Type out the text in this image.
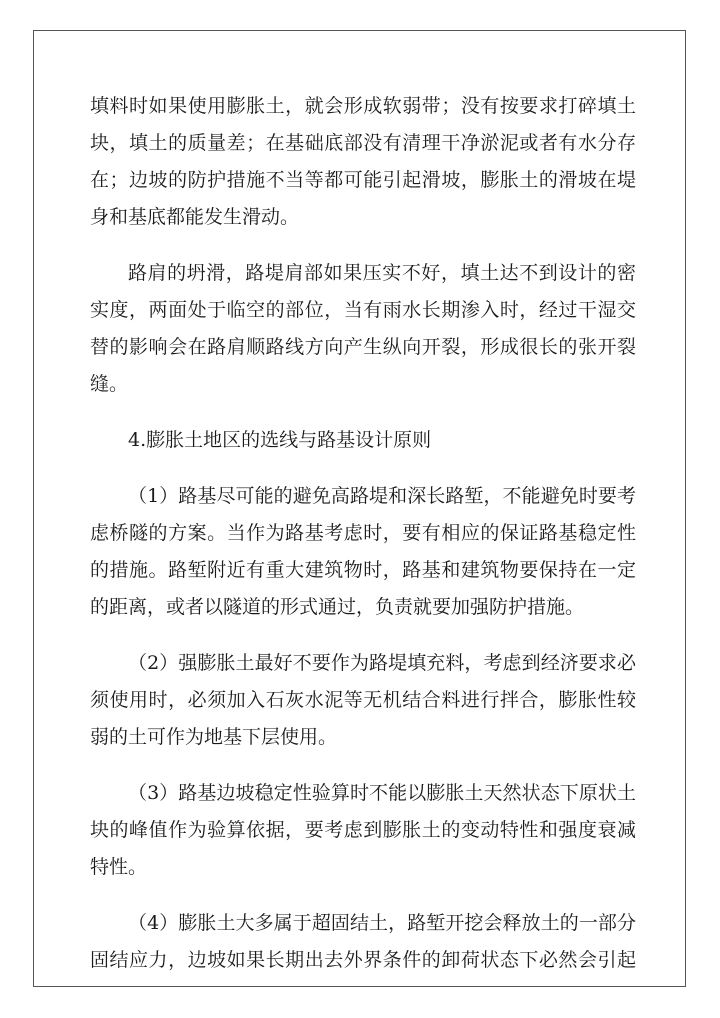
填料时如果使用膨胀土，就会形成软弱带；没有按要求打碎填土
块，填土的质量差；在基础底部没有清理干净淤泥或者有水分存
在；边坡的防护措施不当等都可能引起滑坡，膨胀土的滑坡在堤
身和基底都能发生滑动。
路肩的坍滑，路堤肩部如果压实不好，填土达不到设计的密
实度，两面处于临空的部位，当有雨水长期渗入时，经过干湿交
替的影响会在路肩顺路线方向产生纵向开裂，形成很长的张开裂
缝。
4.膨胀土地区的选线与路基设计原则
（1）路基尽可能的避免高路堤和深长路堑，不能避免时要考
虑桥隧的方案。当作为路基考虑时，要有相应的保证路基稳定性
的措施。路堑附近有重大建筑物时，路基和建筑物要保持在一定
的距离，或者以隧道的形式通过，负责就要加强防护措施。
（2）强膨胀土最好不要作为路堤填充料，考虑到经济要求必
须使用时，必须加入石灰水泥等无机结合料进行拌合，膨胀性较
弱的土可作为地基下层使用。
（3）路基边坡稳定性验算时不能以膨胀土天然状态下原状土
块的峰值作为验算依据，要考虑到膨胀土的变动特性和强度衰减
特性。
（4）膨胀土大多属于超固结土，路堑开挖会释放土的一部分
固结应力，边坡如果长期出去外界条件的卸荷状态下必然会引起
